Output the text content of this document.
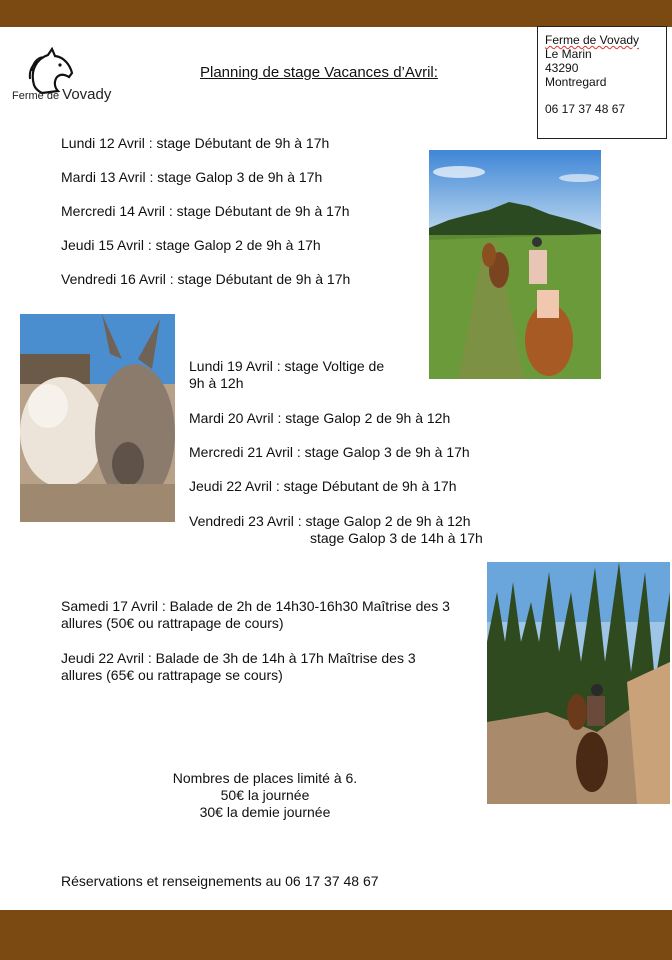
Ferme de Vovady
Planning de stage Vacances d’Avril:
Ferme de Vovady
Le Marin
43290
Montregard
06 17 37 48 67
Lundi 12 Avril : stage Débutant de 9h à 17h
Mardi 13 Avril : stage Galop 3 de 9h à 17h
Mercredi 14 Avril : stage Débutant de 9h à 17h
Jeudi 15 Avril : stage Galop 2 de 9h à 17h
Vendredi 16 Avril : stage Débutant de 9h à 17h
Lundi 19 Avril : stage Voltige de
9h à 12h
Mardi 20 Avril : stage Galop 2 de 9h à 12h
Mercredi 21 Avril : stage Galop 3 de 9h à 17h
Jeudi 22 Avril : stage Débutant de 9h à 17h
Vendredi 23 Avril : stage Galop 2 de 9h à 12h
stage Galop 3 de 14h à 17h
Samedi 17 Avril : Balade de 2h de 14h30-16h30 Maîtrise des 3 allures (50€ ou rattrapage de cours)
Jeudi 22 Avril : Balade de 3h de 14h à 17h Maîtrise des 3 allures (65€ ou rattrapage se cours)
Nombres de places limité à 6.
50€ la journée
30€ la demie journée
Réservations et renseignements au 06 17 37 48 67
